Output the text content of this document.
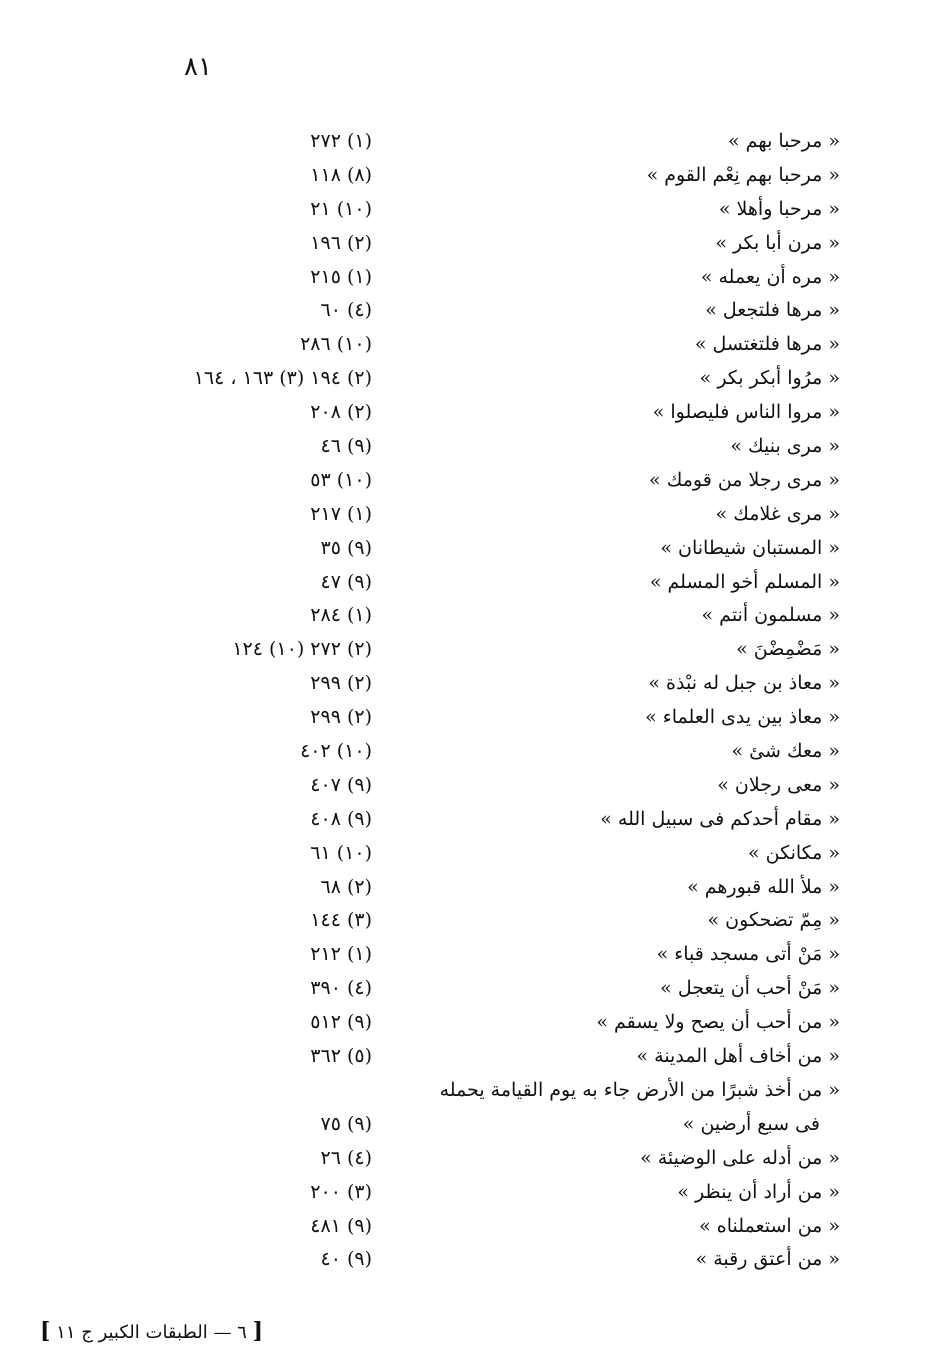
٨١
« مرحبا بهم »
(١) ٢٧٢
« مرحبا بهم نِعْم القوم »
(٨) ١١٨
« مرحبا وأهلا »
(١٠) ٢١
« مرن أبا بكر »
(٢) ١٩٦
« مره أن يعمله »
(١) ٢١٥
« مرها فلتجعل »
(٤) ٦٠
« مرها فلتغتسل »
(١٠) ٢٨٦
« مرُوا أبكر بكر »
(٢) ١٩٤ (٣) ١٦٣ ، ١٦٤
« مروا الناس فليصلوا »
(٢) ٢٠٨
« مرى بنيك »
(٩) ٤٦
« مرى رجلا من قومك »
(١٠) ٥٣
« مرى غلامك »
(١) ٢١٧
« المستبان شيطانان »
(٩) ٣٥
« المسلم أخو المسلم »
(٩) ٤٧
« مسلمون أنتم »
(١) ٢٨٤
« مَضْمِضْنَ »
(٢) ٢٧٢ (١٠) ١٢٤
« معاذ بن جبل له نبْذة »
(٢) ٢٩٩
« معاذ بين يدى العلماء »
(٢) ٢٩٩
« معك شئ »
(١٠) ٤٠٢
« معى رجلان »
(٩) ٤٠٧
« مقام أحدكم فى سبيل الله »
(٩) ٤٠٨
« مكانكن »
(١٠) ٦١
« ملأ الله قبورهم »
(٢) ٦٨
« مِمّ تضحكون »
(٣) ١٤٤
« مَنْ أتى مسجد قباء »
(١) ٢١٢
« مَنْ أحب أن يتعجل »
(٤) ٣٩٠
« من أحب أن يصح ولا يسقم »
(٩) ٥١٢
« من أخاف أهل المدينة »
(٥) ٣٦٢
« من أخذ شبرًا من الأرض جاء به يوم القيامة يحمله
فى سبع أرضين »
(٩) ٧٥
« من أدله على الوضيئة »
(٤) ٢٦
« من أراد أن ينظر »
(٣) ٢٠٠
« من استعملناه »
(٩) ٤٨١
« من أعتق رقبة »
(٩) ٤٠
[ ٦ — الطبقات الكبير ج ١١ ]
